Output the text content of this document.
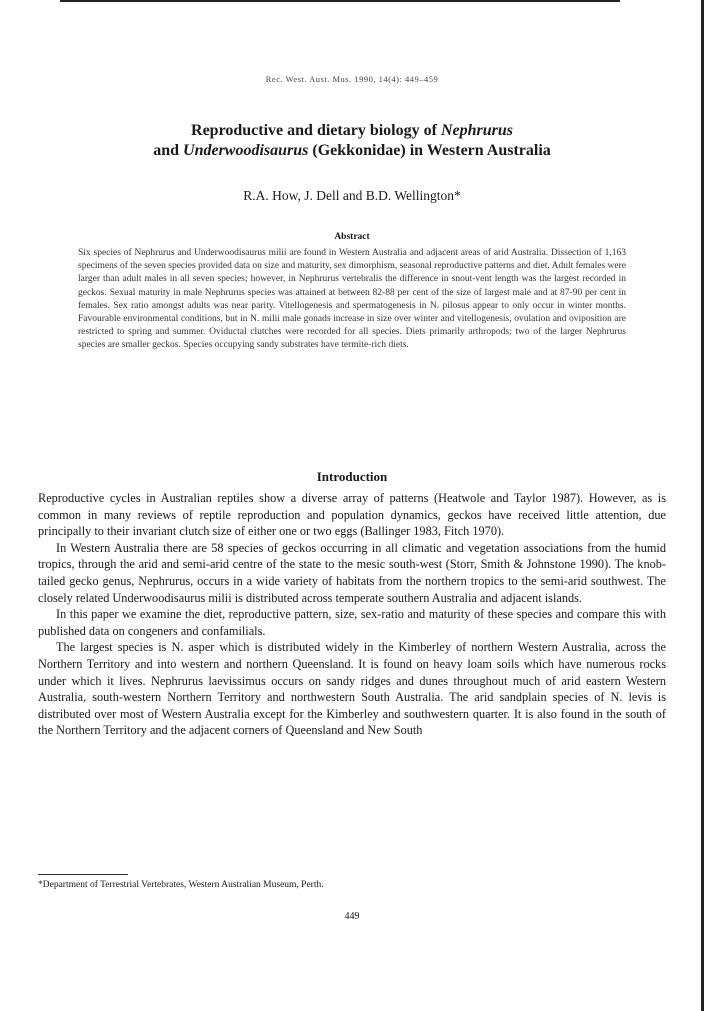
Rec. West. Aust. Mus. 1990, 14(4): 449–459
Reproductive and dietary biology of Nephrurus
and Underwoodisaurus (Gekkonidae) in Western Australia
R.A. How, J. Dell and B.D. Wellington*
Abstract
Six species of Nephrurus and Underwoodisaurus milii are found in Western Australia and adjacent areas of arid Australia. Dissection of 1,163 specimens of the seven species provided data on size and maturity, sex dimorphism, seasonal reproductive patterns and diet. Adult females were larger than adult males in all seven species; however, in Nephrurus vertebralis the difference in snout-vent length was the largest recorded in geckos. Sexual maturity in male Nephrurus species was attained at between 82-88 per cent of the size of largest male and at 87-90 per cent in females. Sex ratio amongst adults was near parity. Vitellogenesis and spermatogenesis in N. pilosus appear to only occur in winter months. Favourable environmental conditions, but in N. milii male gonads increase in size over winter and vitellogenesis, ovulation and oviposition are restricted to spring and summer. Oviductal clutches were recorded for all species. Diets primarily arthropods; two of the larger Nephrurus species are smaller geckos. Species occupying sandy substrates have termite-rich diets.
Introduction

Reproductive cycles in Australian reptiles show a diverse array of patterns (Heatwole and Taylor 1987). However, as is common in many reviews of reptile reproduction and population dynamics, geckos have received little attention, due principally to their invariant clutch size of either one or two eggs (Ballinger 1983, Fitch 1970).

In Western Australia there are 58 species of geckos occurring in all climatic and vegetation associations from the humid tropics, through the arid and semi-arid centre of the state to the mesic south-west (Storr, Smith & Johnstone 1990). The knob-tailed gecko genus, Nephrurus, occurs in a wide variety of habitats from the northern tropics to the semi-arid southwest. The closely related Underwoodisaurus milii is distributed across temperate southern Australia and adjacent islands.

In this paper we examine the diet, reproductive pattern, size, sex-ratio and maturity of these species and compare this with published data on congeners and confamilials.

The largest species is N. asper which is distributed widely in the Kimberley of northern Western Australia, across the Northern Territory and into western and northern Queensland. It is found on heavy loam soils which have numerous rocks under which it lives. Nephrurus laevissimus occurs on sandy ridges and dunes throughout much of arid eastern Western Australia, south-western Northern Territory and northwestern South Australia. The arid sandplain species of N. levis is distributed over most of Western Australia except for the Kimberley and southwestern quarter. It is also found in the south of the Northern Territory and the adjacent corners of Queensland and New South

*Department of Terrestrial Vertebrates, Western Australian Museum, Perth.
449
